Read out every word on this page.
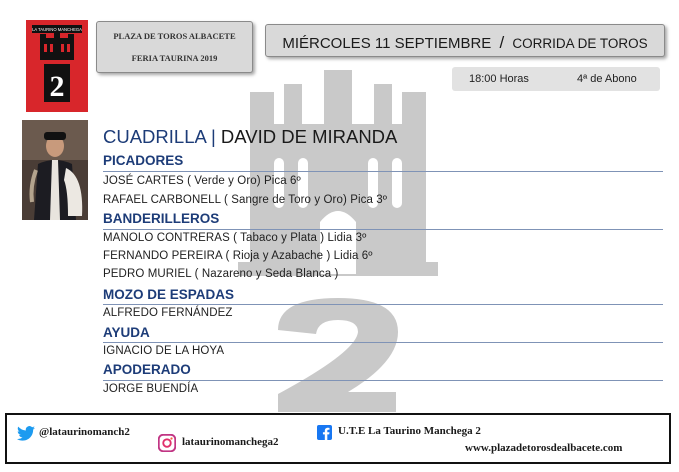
LA TAURINO MANCHEGA
2
PLAZA DE TOROS ALBACETE
FERIA TAURINA 2019
MIÉRCOLES 11 SEPTIEMBRE / CORRIDA DE TOROS
18:00 Horas	4ª de Abono
CUADRILLA | DAVID DE MIRANDA
PICADORES
JOSÉ CARTES ( Verde y Oro) Pica 6º
RAFAEL CARBONELL ( Sangre de Toro y Oro) Pica 3º
BANDERILLEROS
MANOLO CONTRERAS ( Tabaco y Plata ) Lidia 3º
FERNANDO PEREIRA ( Rioja y Azabache ) Lidia 6º
PEDRO MURIEL ( Nazareno y Seda Blanca )
MOZO DE ESPADAS
ALFREDO FERNÁNDEZ
AYUDA
IGNACIO DE LA HOYA
APODERADO
JORGE BUENDÍA
@lataurinomanch2
lataurinomanchega2
U.T.E La Taurino Manchega 2
www.plazadetorosdealbacete.com
